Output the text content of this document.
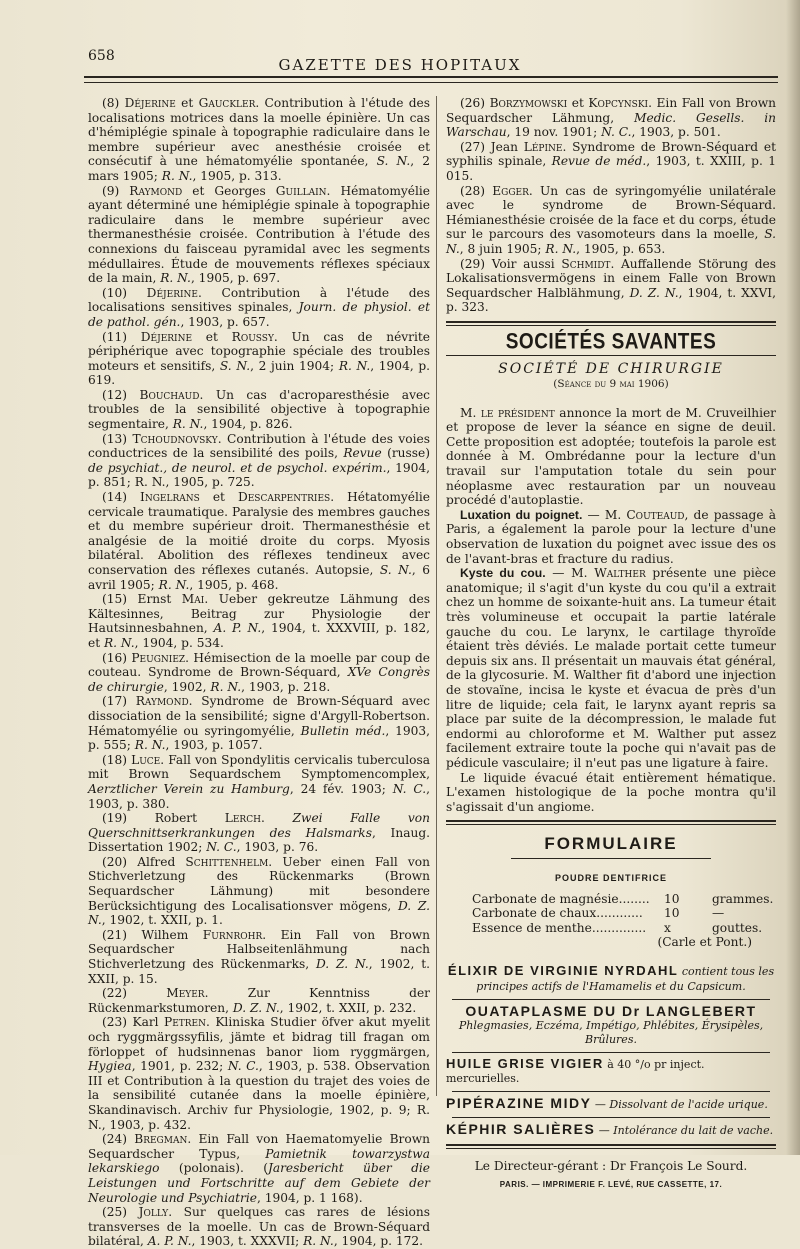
658	GAZETTE DES HOPITAUX

(8) Déjerine et Gauckler. Contribution à l'étude des localisations motrices dans la moelle épinière. Un cas d'hémiplégie spinale à topographie radiculaire dans le membre supérieur avec anesthésie croisée et consécutif à une hématomyélie spontanée, S. N., 2 mars 1905; R. N., 1905, p. 313.

(9) Raymond et Georges Guillain. Hématomyélie ayant déterminé une hémiplégie spinale à topographie radiculaire dans le membre supérieur avec thermanesthésie croisée. Contribution à l'étude des connexions du faisceau pyramidal avec les segments médullaires. Étude de mouvements réflexes spéciaux de la main, R. N., 1905, p. 697.

(10) Déjerine. Contribution à l'étude des localisations sensitives spinales, Journ. de physiol. et de pathol. gén., 1903, p. 657.

(11) Déjerine et Roussy. Un cas de névrite périphérique avec topographie spéciale des troubles moteurs et sensitifs, S. N., 2 juin 1904; R. N., 1904, p. 619.

(12) Bouchaud. Un cas d'acroparesthésie avec troubles de la sensibilité objective à topographie segmentaire, R. N., 1904, p. 826.

(13) Tchoudnovsky. Contribution à l'étude des voies conductrices de la sensibilité des poils, Revue (russe) de psychiat., de neurol. et de psychol. expérim., 1904, p. 851; R. N., 1905, p. 725.

(14) Ingelrans et Descarpentries. Hétatomyélie cervicale traumatique. Paralysie des membres gauches et du membre supérieur droit. Thermanesthésie et analgésie de la moitié droite du corps. Myosis bilatéral. Abolition des réflexes tendineux avec conservation des réflexes cutanés. Autopsie, S. N., 6 avril 1905; R. N., 1905, p. 468.

(15) Ernst Mai. Ueber gekreutze Lähmung des Kältesinnes, Beitrag zur Physiologie der Hautsinnesbahnen, A. P. N., 1904, t. XXXVIII, p. 182, et R. N., 1904, p. 534.

(16) Peugniez. Hémisection de la moelle par coup de couteau. Syndrome de Brown-Séquard, XVe Congrès de chirurgie, 1902, R. N., 1903, p. 218.

(17) Raymond. Syndrome de Brown-Séquard avec dissociation de la sensibilité; signe d'Argyll-Robertson. Hématomyélie ou syringomyélie, Bulletin méd., 1903, p. 555; R. N., 1903, p. 1057.

(18) Luce. Fall von Spondylitis cervicalis tuberculosa mit Brown Sequardschem Symptomencomplex, Aerztlicher Verein zu Hamburg, 24 fév. 1903; N. C., 1903, p. 380.

(19) Robert Lerch. Zwei Falle von Querschnittserkrankungen des Halsmarks, Inaug. Dissertation 1902; N. C., 1903, p. 76.

(20) Alfred Schittenhelm. Ueber einen Fall von Stichverletzung des Rückenmarks (Brown Sequardscher Lähmung) mit besondere Berücksichtigung des Localisationsver mögens, D. Z. N., 1902, t. XXII, p. 1.

(21) Wilhem Furnrohr. Ein Fall von Brown Sequardscher Halbseitenlähmung nach Stichverletzung des Rückenmarks, D. Z. N., 1902, t. XXII, p. 15.

(22) Meyer. Zur Kenntniss der Rückenmarkstumoren, D. Z. N., 1902, t. XXII, p. 232.

(23) Karl Petren. Kliniska Studier öfver akut myelit och ryggmärgssyfilis, jämte et bidrag till fragan om förloppet of hudsinnenas banor liom ryggmärgen, Hygiea, 1901, p. 232; N. C., 1903, p. 538. Observation III et Contribution à la question du trajet des voies de la sensibilité cutanée dans la moelle épinière, Skandinavisch. Archiv fur Physiologie, 1902, p. 9; R. N., 1903, p. 432.

(24) Bregman. Ein Fall von Haematomyelie Brown Sequardscher Typus, Pamietnik towarzystwa lekarskiego (polonais). (Jaresbericht über die Leistungen und Fortschritte auf dem Gebiete der Neurologie und Psychiatrie, 1904, p. 1 168).

(25) Jolly. Sur quelques cas rares de lésions transverses de la moelle. Un cas de Brown-Séquard bilatéral, A. P. N., 1903, t. XXXVII; R. N., 1904, p. 172.

(26) Borzymowski et Kopcynski. Ein Fall von Brown Sequardscher Lähmung, Medic. Gesells. in Warschau, 19 nov. 1901; N. C., 1903, p. 501.

(27) Jean Lépine. Syndrome de Brown-Séquard et syphilis spinale, Revue de méd., 1903, t. XXIII, p. 1 015.

(28) Egger. Un cas de syringomyélie unilatérale avec le syndrome de Brown-Séquard. Hémianesthésie croisée de la face et du corps, étude sur le parcours des vasomoteurs dans la moelle, S. N., 8 juin 1905; R. N., 1905, p. 653.

(29) Voir aussi Schmidt. Auffallende Störung des Lokalisationsvermögens in einem Falle von Brown Sequardscher Halblähmung, D. Z. N., 1904, t. XXVI, p. 323.

SOCIÉTÉS SAVANTES
SOCIÉTÉ DE CHIRURGIE
(Séance du 9 mai 1906)

M. le président annonce la mort de M. Cruveilhier et propose de lever la séance en signe de deuil. Cette proposition est adoptée; toutefois la parole est donnée à M. Ombrédanne pour la lecture d'un travail sur l'amputation totale du sein pour néoplasme avec restauration par un nouveau procédé d'autoplastie.

Luxation du poignet. — M. Couteaud, de passage à Paris, a également la parole pour la lecture d'une observation de luxation du poignet avec issue des os de l'avant-bras et fracture du radius.

Kyste du cou. — M. Walther présente une pièce anatomique; il s'agit d'un kyste du cou qu'il a extrait chez un homme de soixante-huit ans. La tumeur était très volumineuse et occupait la partie latérale gauche du cou. Le larynx, le cartilage thyroïde étaient très déviés. Le malade portait cette tumeur depuis six ans. Il présentait un mauvais état général, de la glycosurie. M. Walther fit d'abord une injection de stovaïne, incisa le kyste et évacua de près d'un litre de liquide; cela fait, le larynx ayant repris sa place par suite de la décompression, le malade fut endormi au chloroforme et M. Walther put assez facilement extraire toute la poche qui n'avait pas de pédicule vasculaire; il n'eut pas une ligature à faire.

Le liquide évacué était entièrement hématique. L'examen histologique de la poche montra qu'il s'agissait d'un angiome.

FORMULAIRE
POUDRE DENTIFRICE
Carbonate de magnésie........	10	grammes.
Carbonate de chaux............	10	—
Essence de menthe..............	x	gouttes.
(Carle et Pont.)
ÉLIXIR DE VIRGINIE NYRDAHL contient tous les principes actifs de l'Hamamelis et du Capsicum.
OUATAPLASME DU Dr LANGLEBERT
Phlegmasies, Eczéma, Impétigo, Phlébites, Érysipèles, Brûlures.
HUILE GRISE VIGIER à 40 °/o pr inject. mercurielles.
PIPÉRAZINE MIDY — Dissolvant de l'acide urique.
KÉPHIR SALIÈRES — Intolérance du lait de vache.
Le Directeur-gérant : Dr François Le Sourd.
PARIS. — IMPRIMERIE F. LEVÉ, RUE CASSETTE, 17.
